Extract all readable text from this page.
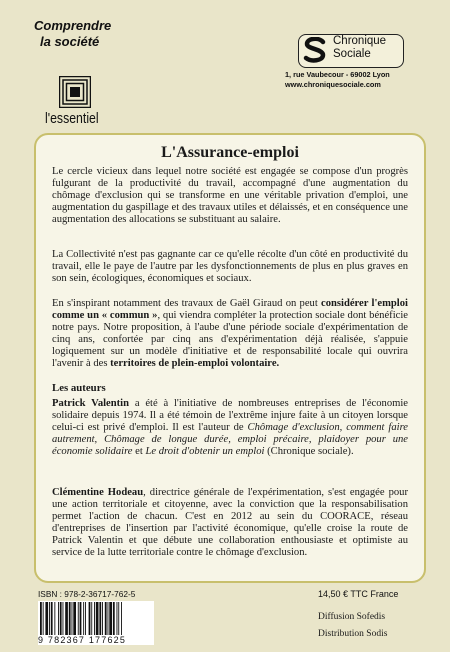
Comprendre
la société
l'essentiel
Chronique
Sociale
1, rue Vaubecour - 69002 Lyon
www.chroniquesociale.com
L'Assurance-emploi

Le cercle vicieux dans lequel notre société est engagée se compose d'un progrès fulgurant de la productivité du travail, accompagné d'une augmentation du chômage d'exclusion qui se transforme en une véritable privation d'emploi, une augmentation du gaspillage et des travaux utiles et délaissés, et en conséquence une augmentation des allocations se substituant au salaire.

La Collectivité n'est pas gagnante car ce qu'elle récolte d'un côté en productivité du travail, elle le paye de l'autre par les dysfonctionnements de plus en plus graves en son sein, écologiques, économiques et sociaux.

En s'inspirant notamment des travaux de Gaël Giraud on peut considérer l'emploi comme un « commun », qui viendra compléter la protection sociale dont bénéficie notre pays. Notre proposition, à l'aube d'une période sociale d'expérimentation de cinq ans, confortée par cinq ans d'expérimentation déjà réalisée, s'appuie logiquement sur un modèle d'initiative et de responsabilité locale qui ouvrira l'avenir à des territoires de plein-emploi volontaire.

Les auteurs

Patrick Valentin a été à l'initiative de nombreuses entreprises de l'économie solidaire depuis 1974. Il a été témoin de l'extrême injure faite à un citoyen lorsque celui-ci est privé d'emploi. Il est l'auteur de Chômage d'exclusion, comment faire autrement, Chômage de longue durée, emploi précaire, plaidoyer pour une économie solidaire et Le droit d'obtenir un emploi (Chronique sociale).

Clémentine Hodeau, directrice générale de l'expérimentation, s'est engagée pour une action territoriale et citoyenne, avec la conviction que la responsabilisation permet l'action de chacun. C'est en 2012 au sein du COORACE, réseau d'entreprises de l'insertion par l'activité économique, qu'elle croise la route de Patrick Valentin et que débute une collaboration enthousiaste et optimiste au service de la lutte territoriale contre le chômage d'exclusion.

ISBN : 978-2-36717-762-5
9 782367 177625
14,50 € TTC France
Diffusion Sofedis
Distribution Sodis
